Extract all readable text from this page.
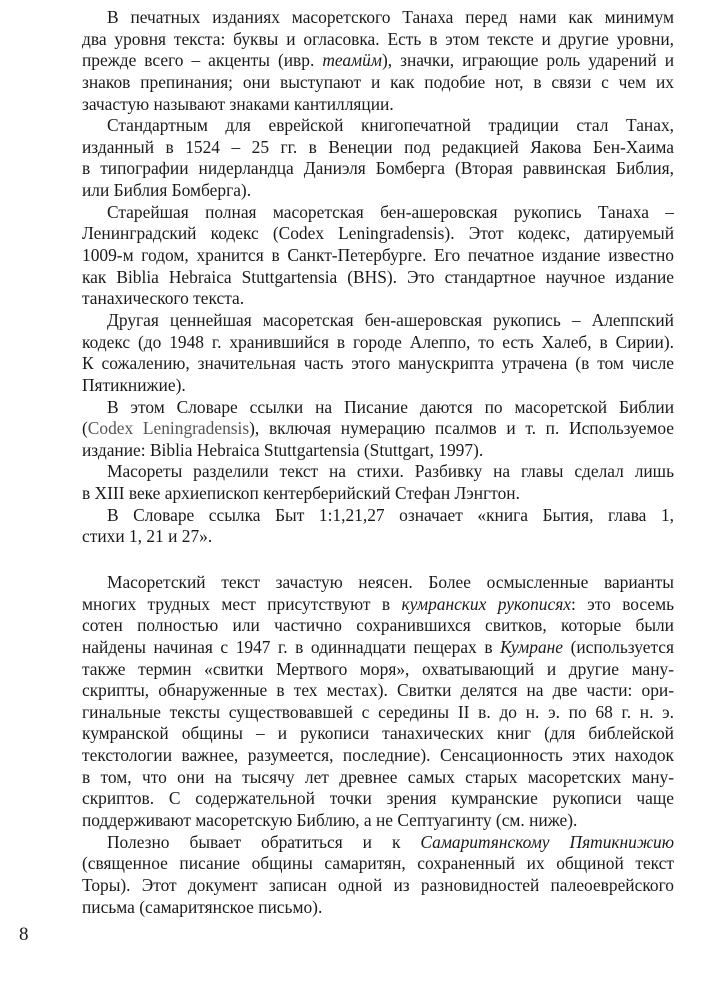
В печатных изданиях масоретского Танаха перед нами как минимум
два уровня текста: буквы и огласовка. Есть в этом тексте и другие уровни,
прежде всего – акценты (ивр. теамӥм), значки, играющие роль ударений и
знаков препинания; они выступают и как подобие нот, в связи с чем их
зачастую называют знаками кантилляции.
Стандартным для еврейской книгопечатной традиции стал Танах,
изданный в 1524 – 25 гг. в Венеции под редакцией Яакова Бен-Хаима
в типографии нидерландца Даниэля Бомберга (Вторая раввинская Библия,
или Библия Бомберга).
Старейшая полная масоретская бен-ашеровская рукопись Танаха –
Ленинградский кодекс (Codex Leningradensis). Этот кодекс, датируемый
1009-м годом, хранится в Санкт-Петербурге. Его печатное издание известно
как Biblia Hebraica Stuttgartensia (BHS). Это стандартное научное издание
танахического текста.
Другая ценнейшая масоретская бен-ашеровская рукопись – Алеппский
кодекс (до 1948 г. хранившийся в городе Алеппо, то есть Халеб, в Сирии).
К сожалению, значительная часть этого манускрипта утрачена (в том числе
Пятикнижие).
В этом Словаре ссылки на Писание даются по масоретской Библии
(Codex Leningradensis), включая нумерацию псалмов и т. п. Используемое
издание: Biblia Hebraica Stuttgartensia (Stuttgart, 1997).
Масореты разделили текст на стихи. Разбивку на главы сделал лишь
в XIII веке архиепископ кентерберийский Стефан Лэнгтон.
В Словаре ссылка Быт 1:1,21,27 означает «книга Бытия, глава 1,
стихи 1, 21 и 27».
Масоретский текст зачастую неясен. Более осмысленные варианты
многих трудных мест присутствуют в кумранских рукописях: это восемь
сотен полностью или частично сохранившихся свитков, которые были
найдены начиная с 1947 г. в одиннадцати пещерах в Кумране (используется
также термин «свитки Мертвого моря», охватывающий и другие ману-
скрипты, обнаруженные в тех местах). Свитки делятся на две части: ори-
гинальные тексты существовавшей с середины II в. до н. э. по 68 г. н. э.
кумранской общины – и рукописи танахических книг (для библейской
текстологии важнее, разумеется, последние). Сенсационность этих находок
в том, что они на тысячу лет древнее самых старых масоретских ману-
скриптов. С содержательной точки зрения кумранские рукописи чаще
поддерживают масоретскую Библию, а не Септуагинту (см. ниже).
Полезно бывает обратиться и к Самаритянскому Пятикнижию
(священное писание общины самаритян, сохраненный их общиной текст
Торы). Этот документ записан одной из разновидностей палеоеврейского
письма (самаритянское письмо).
8
